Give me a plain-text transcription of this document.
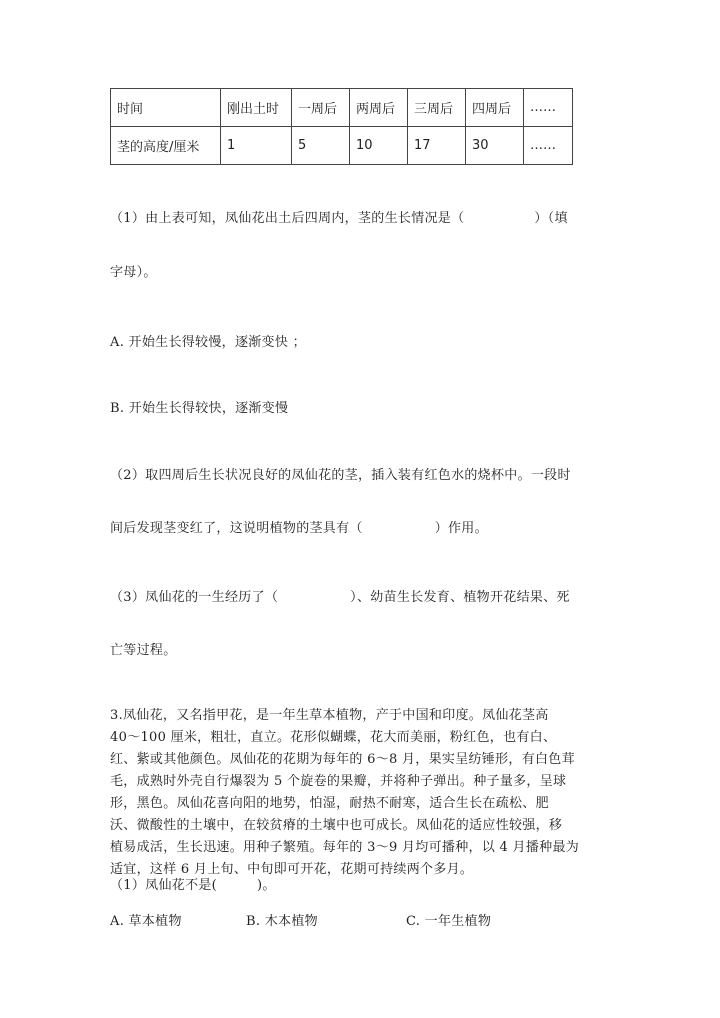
时间	刚出土时	一周后	两周后	三周后	四周后	……
茎的高度/厘米	1	5	10	17	30	……
（1）由上表可知，凤仙花出土后四周内，茎的生长情况是（	）（填
字母）。
A. 开始生长得较慢，逐渐变快 ；
B. 开始生长得较快，逐渐变慢
（2）取四周后生长状况良好的凤仙花的茎，插入装有红色水的烧杯中。一段时
间后发现茎变红了，这说明植物的茎具有（	）作用。
（3）凤仙花的一生经历了（	）、幼苗生长发育、植物开花结果、死
亡等过程。

3.凤仙花，又名指甲花，是一年生草本植物，产于中国和印度。凤仙花茎高

40～100 厘米，粗壮，直立。花形似蝴蝶，花大而美丽，粉红色，也有白、

红、紫或其他颜色。凤仙花的花期为每年的 6～8 月，果实呈纺锤形，有白色茸

毛，成熟时外壳自行爆裂为 5 个旋卷的果瓣，并将种子弹出。种子量多，呈球

形，黑色。凤仙花喜向阳的地势，怕湿，耐热不耐寒，适合生长在疏松、肥

沃、微酸性的土壤中，在较贫瘠的土壤中也可成长。凤仙花的适应性较强，移

植易成活，生长迅速。用种子繁殖。每年的 3～9 月均可播种，以 4 月播种最为

适宜，这样 6 月上旬、中旬即可开花，花期可持续两个多月。

（1）凤仙花不是(	)。
A. 草本植物	B. 木本植物	C. 一年生植物
